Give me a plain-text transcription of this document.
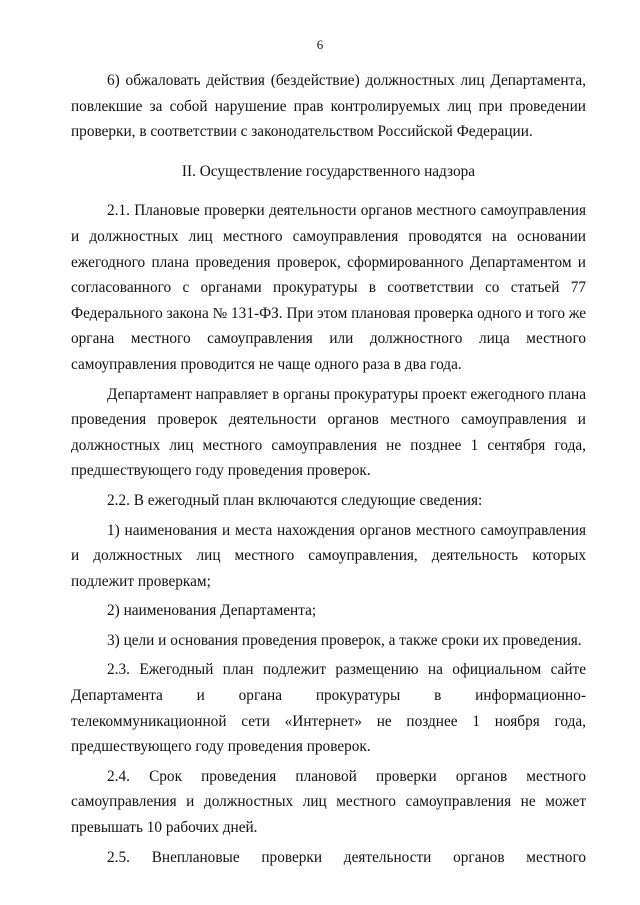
6

6) обжаловать действия (бездействие) должностных лиц Департамента, повлекшие за собой нарушение прав контролируемых лиц при проведении проверки, в соответствии с законодательством Российской Федерации.

II. Осуществление государственного надзора

2.1. Плановые проверки деятельности органов местного самоуправления и должностных лиц местного самоуправления проводятся на основании ежегодного плана проведения проверок, сформированного Департаментом и согласованного с органами прокуратуры в соответствии со статьей 77 Федерального закона № 131-ФЗ. При этом плановая проверка одного и того же органа местного самоуправления или должностного лица местного самоуправления проводится не чаще одного раза в два года.

Департамент направляет в органы прокуратуры проект ежегодного плана проведения проверок деятельности органов местного самоуправления и должностных лиц местного самоуправления не позднее 1 сентября года, предшествующего году проведения проверок.

2.2. В ежегодный план включаются следующие сведения:

1) наименования и места нахождения органов местного самоуправления и должностных лиц местного самоуправления, деятельность которых подлежит проверкам;

2) наименования Департамента;

3) цели и основания проведения проверок, а также сроки их проведения.

2.3. Ежегодный план подлежит размещению на официальном сайте Департамента и органа прокуратуры в информационно-телекоммуникационной сети «Интернет» не позднее 1 ноября года, предшествующего году проведения проверок.

2.4. Срок проведения плановой проверки органов местного самоуправления и должностных лиц местного самоуправления не может превышать 10 рабочих дней.

2.5. Внеплановые проверки деятельности органов местного
